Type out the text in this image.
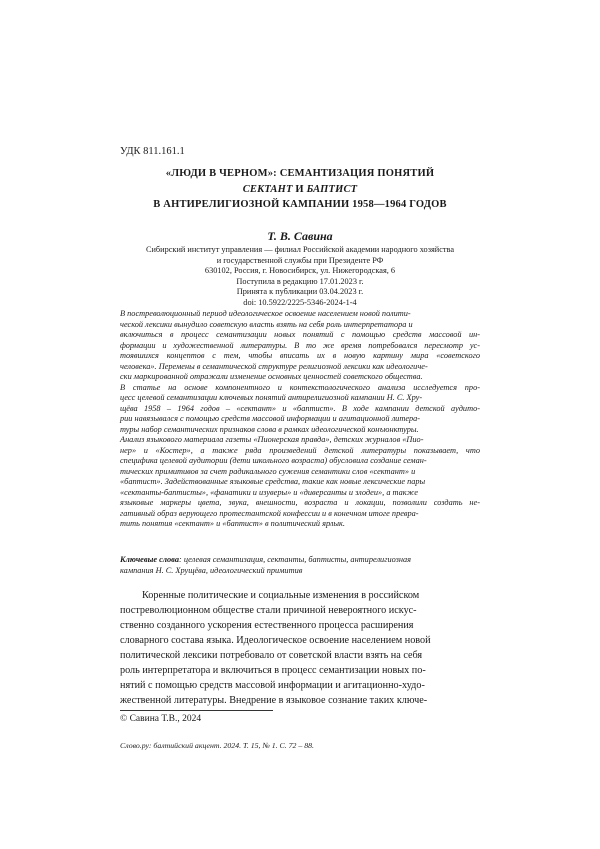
УДК 811.161.1
«ЛЮДИ В ЧЕРНОМ»: СЕМАНТИЗАЦИЯ ПОНЯТИЙ
СЕКТАНТ И БАПТИСТ
В АНТИРЕЛИГИОЗНОЙ КАМПАНИИ 1958—1964 ГОДОВ
Т. В. Савина
Сибирский институт управления — филиал Российской академии народного хозяйства
и государственной службы при Президенте РФ
630102, Россия, г. Новосибирск, ул. Нижегородская, 6
Поступила в редакцию 17.01.2023 г.
Принята к публикации 03.04.2023 г.
doi: 10.5922/2225-5346-2024-1-4
В постреволюционный период идеологическое освоение населением новой полити-
ческой лексики вынудило советскую власть взять на себя роль интерпретатора и
включиться в процесс семантизации новых понятий с помощью средств массовой ин-
формации и художественной литературы. В то же время потребовался пересмотр ус-
тоявшихся концептов с тем, чтобы вписать их в новую картину мира «советского
человека». Перемены в семантической структуре религиозной лексики как идеологиче-
ски маркированной отражали изменение основных ценностей советского общества.
В статье на основе компонентного и контекстологического анализа исследуется про-
цесс целевой семантизации ключевых понятий антирелигиозной кампании Н. С. Хру-
щёва 1958 – 1964 годов – «сектант» и «баптист». В ходе кампании детской аудито-
рии навязывался с помощью средств массовой информации и агитационной литера-
туры набор семантических признаков слова в рамках идеологической конъюнктуры.
Анализ языкового материала газеты «Пионерская правда», детских журналов «Пио-
нер» и «Костер», а также ряда произведений детской литературы показывает, что
специфика целевой аудитории (дети школьного возраста) обусловила создание семан-
тических примитивов за счет радикального сужения семантики слов «сектант» и
«баптист». Задействованные языковые средства, такие как новые лексические пары
«сектанты-баптисты», «фанатики и изуверы» и «диверсанты и злодеи», а также
языковые маркеры цвета, звука, внешности, возраста и локации, позволили создать не-
гативный образ верующего протестантской конфессии и в конечном итоге превра-
тить понятия «сектант» и «баптист» в политический ярлык.
Ключевые слова: целевая семантизация, сектанты, баптисты, антирелигиозная
кампания Н. С. Хрущёва, идеологический примитив
Коренные политические и социальные изменения в российском
постреволюционном обществе стали причиной невероятного искус-
ственно созданного ускорения естественного процесса расширения
словарного состава языка. Идеологическое освоение населением новой
политической лексики потребовало от советской власти взять на себя
роль интерпретатора и включиться в процесс семантизации новых по-
нятий с помощью средств массовой информации и агитационно-худо-
жественной литературы. Внедрение в языковое сознание таких ключе-
© Савина Т.В., 2024
Слово.ру: балтийский акцент. 2024. Т. 15, № 1. С. 72 – 88.
